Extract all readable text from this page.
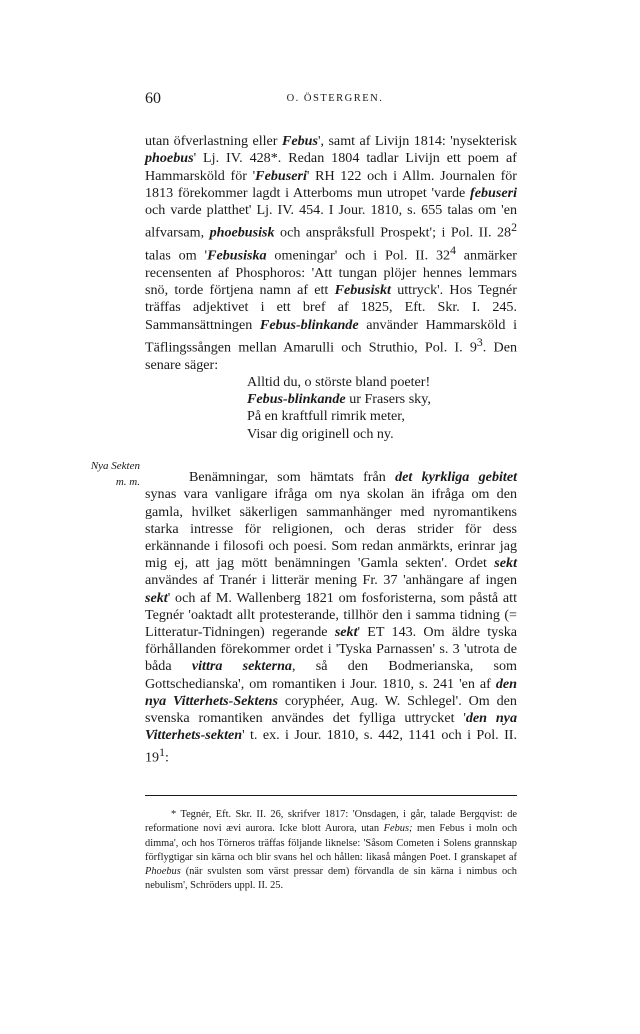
60	O. ÖSTERGREN.

utan öfverlastning eller Febus', samt af Livijn 1814: 'nysekterisk phoebus' Lj. IV. 428*. Redan 1804 tadlar Livijn ett poem af Hammarsköld för 'Febuseri' RH 122 och i Allm. Journalen för 1813 förekommer lagdt i Atterboms mun utropet 'varde febuseri och varde platthet' Lj. IV. 454. I Jour. 1810, s. 655 talas om 'en alfvarsam, phoebusisk och anspråksfull Prospekt'; i Pol. II. $28^2$ talas om 'Febusiska omeningar' och i Pol. II. $32^4$ anmärker recensenten af Phosphoros: 'Att tungan plöjer hennes lemmars snö, torde förtjena namn af ett Febusiskt uttryck'. Hos Tegnér träffas adjektivet i ett bref af 1825, Eft. Skr. I. 245. Sammansättningen Febus-blinkande använder Hammarsköld i Täflingssången mellan Amarulli och Struthio, Pol. I. $9^3$. Den senare säger:

Alltid du, o störste bland poeter!
Febus-blinkande ur Frasers sky,
På en kraftfull rimrik meter,
Visar dig originell och ny.
Nya Sekten
m. m.	Benämningar, som hämtats från det kyrkliga gebitet synas vara vanligare ifråga om nya skolan än ifråga om den gamla, hvilket säkerligen sammanhänger med nyromantikens starka intresse för religionen, och deras strider för dess erkännande i filosofi och poesi. Som redan anmärkts, erinrar jag mig ej, att jag mött benämningen 'Gamla sekten'. Ordet sekt användes af Tranér i litterär mening Fr. 37 'anhängare af ingen sekt' och af M. Wallenberg 1821 om fosforisterna, som påstå att Tegnér 'oaktadt allt protesterande, tillhör den i samma tidning (= Litteratur-Tidningen) regerande sekt' ET 143. Om äldre tyska förhållanden förekommer ordet i 'Tyska Parnassen' s. 3 'utrota de båda vittra sekterna, så den Bodmerianska, som Gottschedianska', om romantiken i Jour. 1810, s. 241 'en af den nya Vitterhets-Sektens coryphéer, Aug. W. Schlegel'. Om den svenska romantiken användes det fylliga uttrycket 'den nya Vitterhets-sekten' t. ex. i Jour. 1810, s. 442, 1141 och i Pol. II. $19^1$:

* Tegnér, Eft. Skr. II. 26, skrifver 1817: 'Onsdagen, i går, talade Bergqvist: de reformatione novi ævi aurora. Icke blott Aurora, utan Febus; men Febus i moln och dimma', och hos Törneros träffas följande liknelse: 'Såsom Cometen i Solens grannskap förflygtigar sin kärna och blir svans hel och hållen: likaså mången Poet. I granskapet af Phoebus (när svulsten som värst pressar dem) förvandla de sin kärna i nimbus och nebulism', Schröders uppl. II. 25.
